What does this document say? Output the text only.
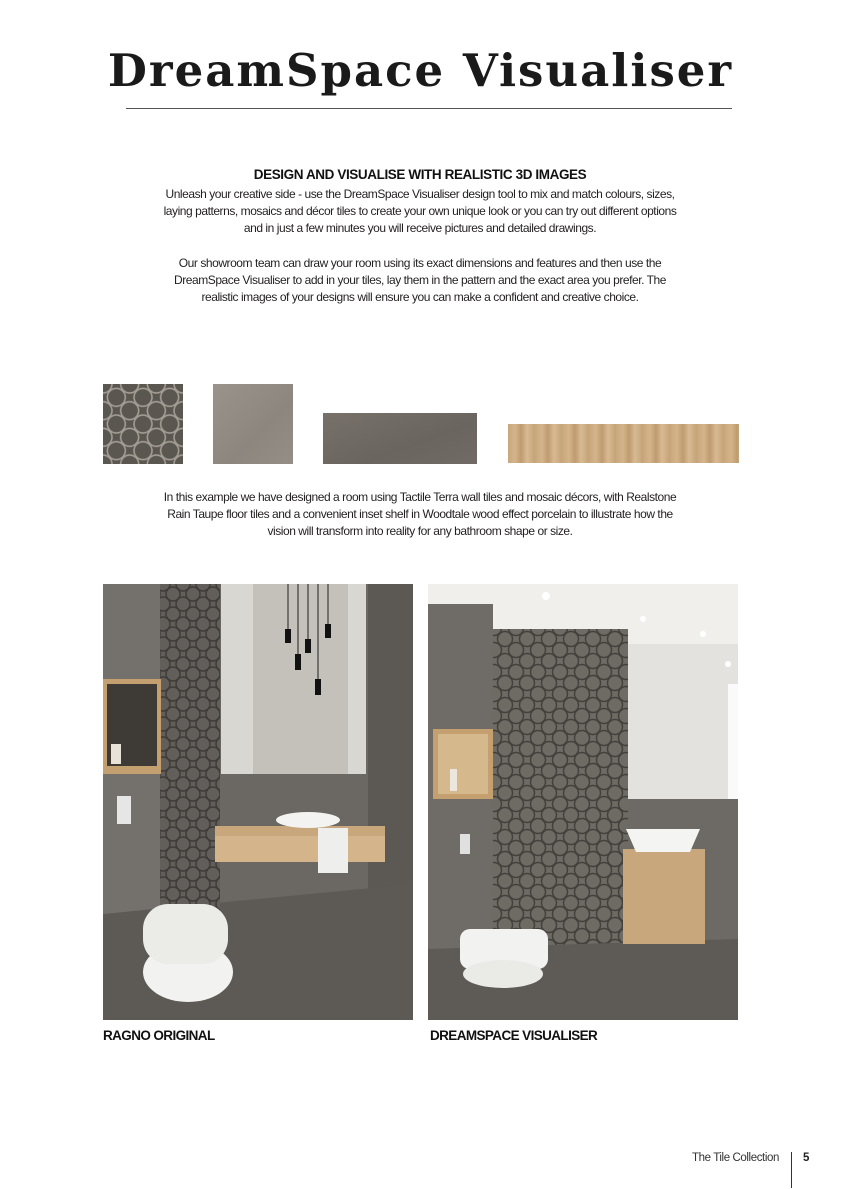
DreamSpace Visualiser
DESIGN AND VISUALISE WITH REALISTIC 3D IMAGES
Unleash your creative side - use the DreamSpace Visualiser design tool to mix and match colours, sizes, laying patterns, mosaics and décor tiles to create your own unique look or you can try out different options and in just a few minutes you will receive pictures and detailed drawings.
Our showroom team can draw your room using its exact dimensions and features and then use the DreamSpace Visualiser to add in your tiles, lay them in the pattern and the exact area you prefer. The realistic images of your designs will ensure you can make a confident and creative choice.
In this example we have designed a room using Tactile Terra wall tiles and mosaic décors, with Realstone Rain Taupe floor tiles and a convenient inset shelf in Woodtale wood effect porcelain to illustrate how the vision will transform into reality for any bathroom shape or size.
RAGNO ORIGINAL	DREAMSPACE VISUALISER
The Tile Collection 5
